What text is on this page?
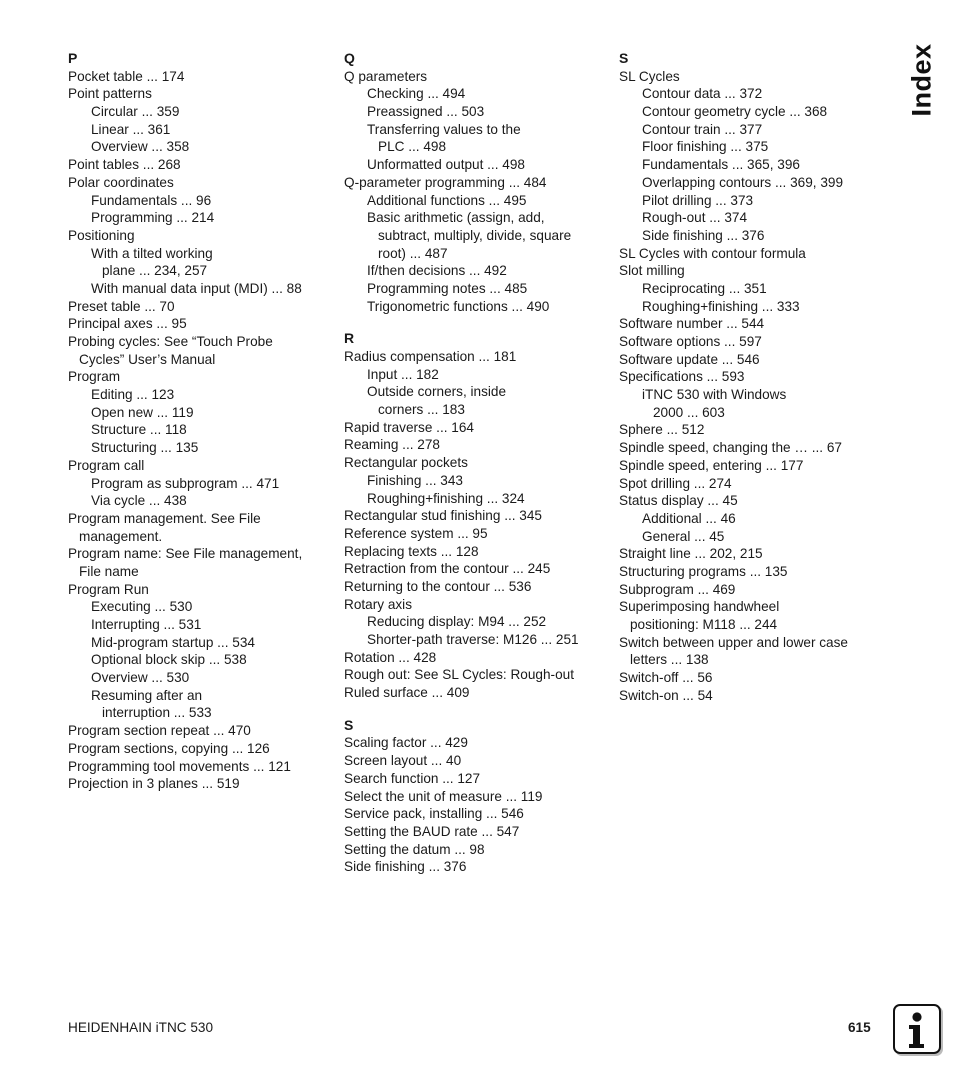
P
Pocket table ... 174
Point patterns
Circular ... 359
Linear ... 361
Overview ... 358
Point tables ... 268
Polar coordinates
Fundamentals ... 96
Programming ... 214
Positioning
With a tilted working
plane ... 234, 257
With manual data input (MDI) ... 88
Preset table ... 70
Principal axes ... 95
Probing cycles: See “Touch Probe
Cycles” User’s Manual
Program
Editing ... 123
Open new ... 119
Structure ... 118
Structuring ... 135
Program call
Program as subprogram ... 471
Via cycle ... 438
Program management. See File
management.
Program name: See File management,
File name
Program Run
Executing ... 530
Interrupting ... 531
Mid-program startup ... 534
Optional block skip ... 538
Overview ... 530
Resuming after an
interruption ... 533
Program section repeat ... 470
Program sections, copying ... 126
Programming tool movements ... 121
Projection in 3 planes ... 519
Q
Q parameters
Checking ... 494
Preassigned ... 503
Transferring values to the
PLC ... 498
Unformatted output ... 498
Q-parameter programming ... 484
Additional functions ... 495
Basic arithmetic (assign, add,
subtract, multiply, divide, square
root) ... 487
If/then decisions ... 492
Programming notes ... 485
Trigonometric functions ... 490
R
Radius compensation ... 181
Input ... 182
Outside corners, inside
corners ... 183
Rapid traverse ... 164
Reaming ... 278
Rectangular pockets
Finishing ... 343
Roughing+finishing ... 324
Rectangular stud finishing ... 345
Reference system ... 95
Replacing texts ... 128
Retraction from the contour ... 245
Returning to the contour ... 536
Rotary axis
Reducing display: M94 ... 252
Shorter-path traverse: M126 ... 251
Rotation ... 428
Rough out: See SL Cycles: Rough-out
Ruled surface ... 409
S
Scaling factor ... 429
Screen layout ... 40
Search function ... 127
Select the unit of measure ... 119
Service pack, installing ... 546
Setting the BAUD rate ... 547
Setting the datum ... 98
Side finishing ... 376
S
SL Cycles
Contour data ... 372
Contour geometry cycle ... 368
Contour train ... 377
Floor finishing ... 375
Fundamentals ... 365, 396
Overlapping contours ... 369, 399
Pilot drilling ... 373
Rough-out ... 374
Side finishing ... 376
SL Cycles with contour formula
Slot milling
Reciprocating ... 351
Roughing+finishing ... 333
Software number ... 544
Software options ... 597
Software update ... 546
Specifications ... 593
iTNC 530 with Windows
2000 ... 603
Sphere ... 512
Spindle speed, changing the … ... 67
Spindle speed, entering ... 177
Spot drilling ... 274
Status display ... 45
Additional ... 46
General ... 45
Straight line ... 202, 215
Structuring programs ... 135
Subprogram ... 469
Superimposing handwheel
positioning: M118 ... 244
Switch between upper and lower case
letters ... 138
Switch-off ... 56
Switch-on ... 54
Index
HEIDENHAIN iTNC 530	615
